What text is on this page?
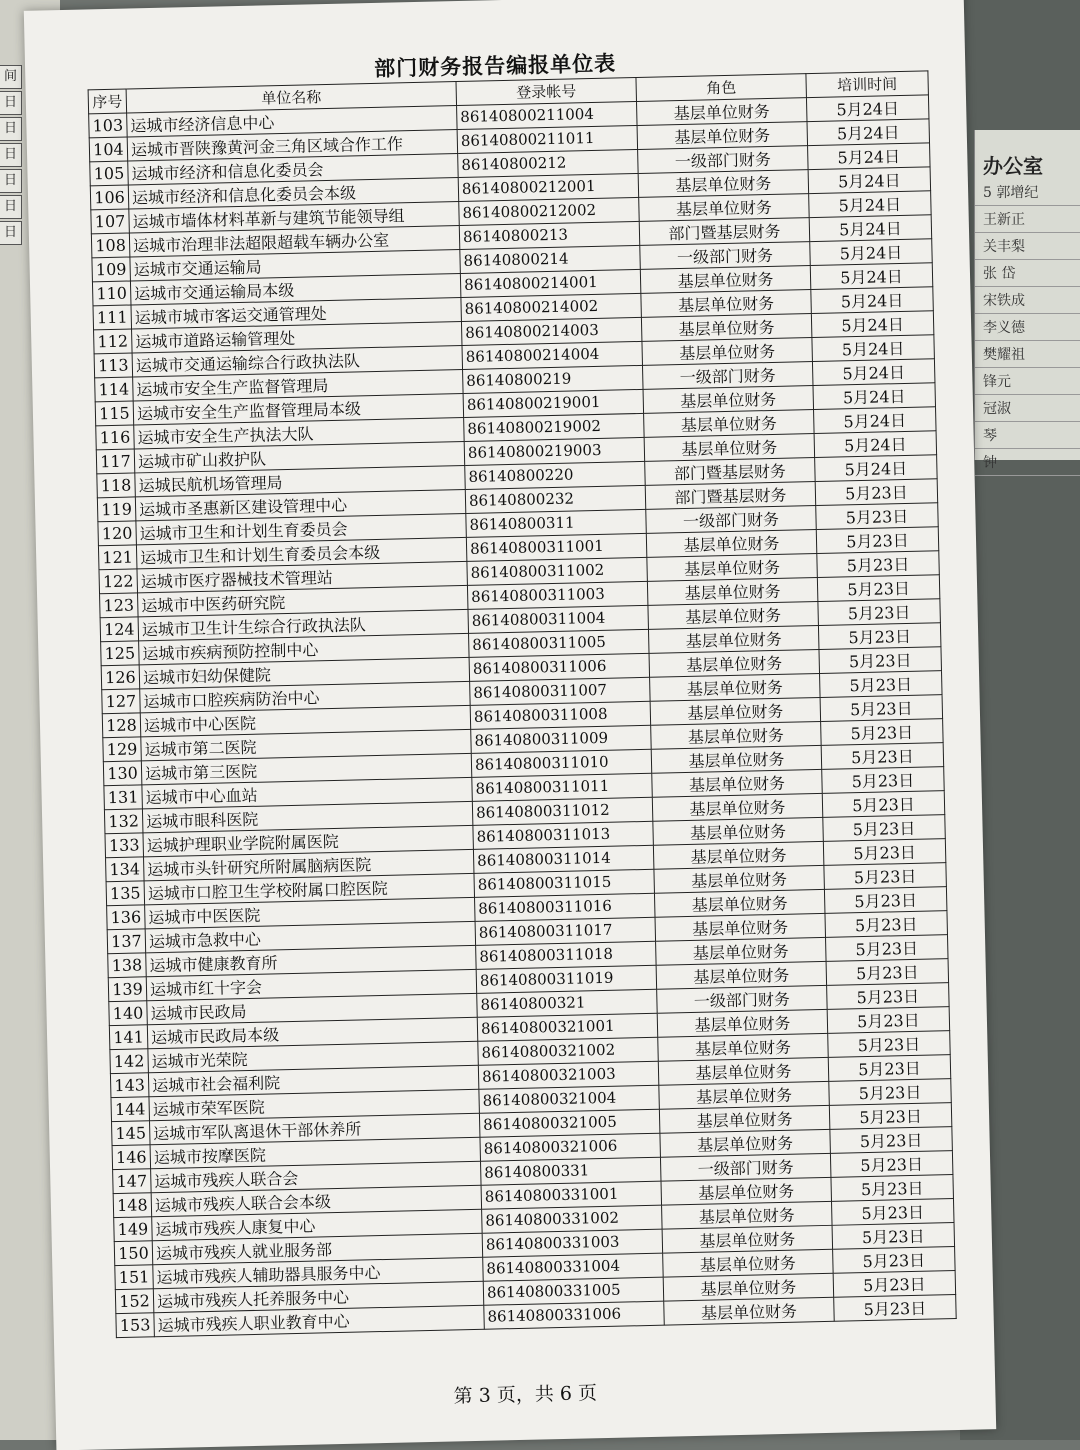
间
日
日
日
日
日
日
办公室
5 郭增纪
王新正
关丰梨
张 岱
宋铁成
李义德
樊耀祖
锋元
冠淑
琴
钟
部门财务报告编报单位表
序号	单位名称	登录帐号	角色	培训时间
103	运城市经济信息中心	86140800211004	基层单位财务	5月24日
104	运城市晋陕豫黄河金三角区域合作工作	86140800211011	基层单位财务	5月24日
105	运城市经济和信息化委员会	86140800212	一级部门财务	5月24日
106	运城市经济和信息化委员会本级	86140800212001	基层单位财务	5月24日
107	运城市墙体材料革新与建筑节能领导组	86140800212002	基层单位财务	5月24日
108	运城市治理非法超限超载车辆办公室	86140800213	部门暨基层财务	5月24日
109	运城市交通运输局	86140800214	一级部门财务	5月24日
110	运城市交通运输局本级	86140800214001	基层单位财务	5月24日
111	运城市城市客运交通管理处	86140800214002	基层单位财务	5月24日
112	运城市道路运输管理处	86140800214003	基层单位财务	5月24日
113	运城市交通运输综合行政执法队	86140800214004	基层单位财务	5月24日
114	运城市安全生产监督管理局	86140800219	一级部门财务	5月24日
115	运城市安全生产监督管理局本级	86140800219001	基层单位财务	5月24日
116	运城市安全生产执法大队	86140800219002	基层单位财务	5月24日
117	运城市矿山救护队	86140800219003	基层单位财务	5月24日
118	运城民航机场管理局	86140800220	部门暨基层财务	5月24日
119	运城市圣惠新区建设管理中心	86140800232	部门暨基层财务	5月23日
120	运城市卫生和计划生育委员会	86140800311	一级部门财务	5月23日
121	运城市卫生和计划生育委员会本级	86140800311001	基层单位财务	5月23日
122	运城市医疗器械技术管理站	86140800311002	基层单位财务	5月23日
123	运城市中医药研究院	86140800311003	基层单位财务	5月23日
124	运城市卫生计生综合行政执法队	86140800311004	基层单位财务	5月23日
125	运城市疾病预防控制中心	86140800311005	基层单位财务	5月23日
126	运城市妇幼保健院	86140800311006	基层单位财务	5月23日
127	运城市口腔疾病防治中心	86140800311007	基层单位财务	5月23日
128	运城市中心医院	86140800311008	基层单位财务	5月23日
129	运城市第二医院	86140800311009	基层单位财务	5月23日
130	运城市第三医院	86140800311010	基层单位财务	5月23日
131	运城市中心血站	86140800311011	基层单位财务	5月23日
132	运城市眼科医院	86140800311012	基层单位财务	5月23日
133	运城护理职业学院附属医院	86140800311013	基层单位财务	5月23日
134	运城市头针研究所附属脑病医院	86140800311014	基层单位财务	5月23日
135	运城市口腔卫生学校附属口腔医院	86140800311015	基层单位财务	5月23日
136	运城市中医医院	86140800311016	基层单位财务	5月23日
137	运城市急救中心	86140800311017	基层单位财务	5月23日
138	运城市健康教育所	86140800311018	基层单位财务	5月23日
139	运城市红十字会	86140800311019	基层单位财务	5月23日
140	运城市民政局	86140800321	一级部门财务	5月23日
141	运城市民政局本级	86140800321001	基层单位财务	5月23日
142	运城市光荣院	86140800321002	基层单位财务	5月23日
143	运城市社会福利院	86140800321003	基层单位财务	5月23日
144	运城市荣军医院	86140800321004	基层单位财务	5月23日
145	运城市军队离退休干部休养所	86140800321005	基层单位财务	5月23日
146	运城市按摩医院	86140800321006	基层单位财务	5月23日
147	运城市残疾人联合会	86140800331	一级部门财务	5月23日
148	运城市残疾人联合会本级	86140800331001	基层单位财务	5月23日
149	运城市残疾人康复中心	86140800331002	基层单位财务	5月23日
150	运城市残疾人就业服务部	86140800331003	基层单位财务	5月23日
151	运城市残疾人辅助器具服务中心	86140800331004	基层单位财务	5月23日
152	运城市残疾人托养服务中心	86140800331005	基层单位财务	5月23日
153	运城市残疾人职业教育中心	86140800331006	基层单位财务	5月23日
第 3 页，共 6 页
